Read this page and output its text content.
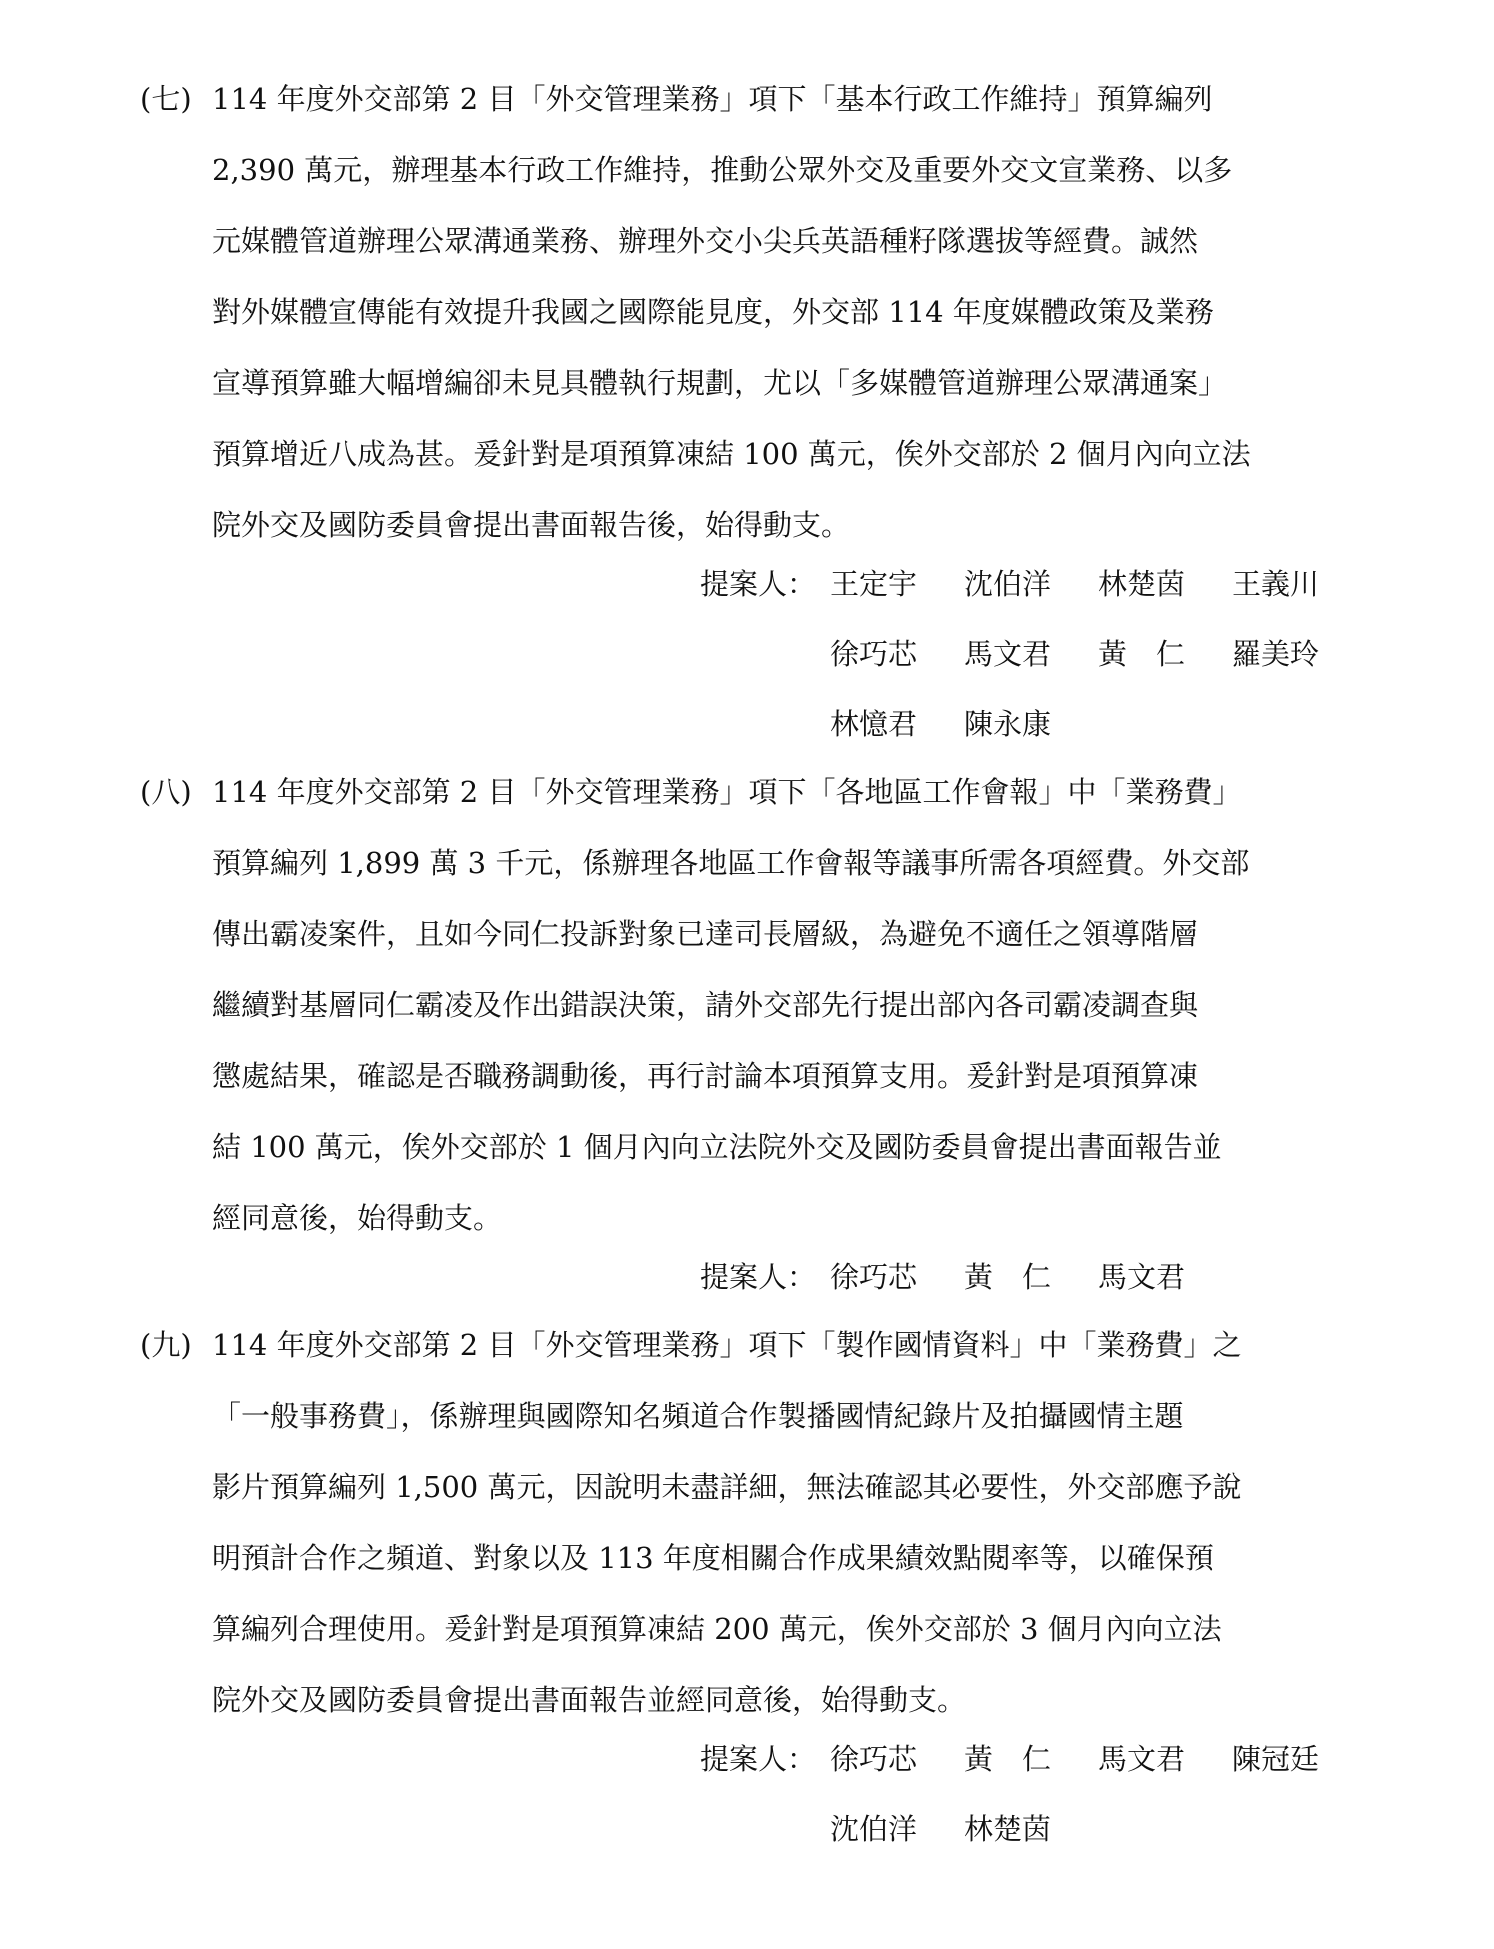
(七) 114 年度外交部第 2 目「外交管理業務」項下「基本行政工作維持」預算編列
2,390 萬元，辦理基本行政工作維持，推動公眾外交及重要外交文宣業務、以多
元媒體管道辦理公眾溝通業務、辦理外交小尖兵英語種籽隊選拔等經費。誠然
對外媒體宣傳能有效提升我國之國際能見度，外交部 114 年度媒體政策及業務
宣導預算雖大幅增編卻未見具體執行規劃，尤以「多媒體管道辦理公眾溝通案」
預算增近八成為甚。爰針對是項預算凍結 100 萬元，俟外交部於 2 個月內向立法
院外交及國防委員會提出書面報告後，始得動支。
提案人： 王定宇	沈伯洋	林楚茵	王義川
徐巧芯	馬文君	黃　仁	羅美玲
林憶君	陳永康
(八) 114 年度外交部第 2 目「外交管理業務」項下「各地區工作會報」中「業務費」
預算編列 1,899 萬 3 千元，係辦理各地區工作會報等議事所需各項經費。外交部
傳出霸凌案件，且如今同仁投訴對象已達司長層級，為避免不適任之領導階層
繼續對基層同仁霸凌及作出錯誤決策，請外交部先行提出部內各司霸凌調查與
懲處結果，確認是否職務調動後，再行討論本項預算支用。爰針對是項預算凍
結 100 萬元，俟外交部於 1 個月內向立法院外交及國防委員會提出書面報告並
經同意後，始得動支。
提案人： 徐巧芯	黃　仁	馬文君
(九) 114 年度外交部第 2 目「外交管理業務」項下「製作國情資料」中「業務費」之
「一般事務費」，係辦理與國際知名頻道合作製播國情紀錄片及拍攝國情主題
影片預算編列 1,500 萬元，因說明未盡詳細，無法確認其必要性，外交部應予說
明預計合作之頻道、對象以及 113 年度相關合作成果績效點閱率等，以確保預
算編列合理使用。爰針對是項預算凍結 200 萬元，俟外交部於 3 個月內向立法
院外交及國防委員會提出書面報告並經同意後，始得動支。
提案人： 徐巧芯	黃　仁	馬文君	陳冠廷
沈伯洋	林楚茵
